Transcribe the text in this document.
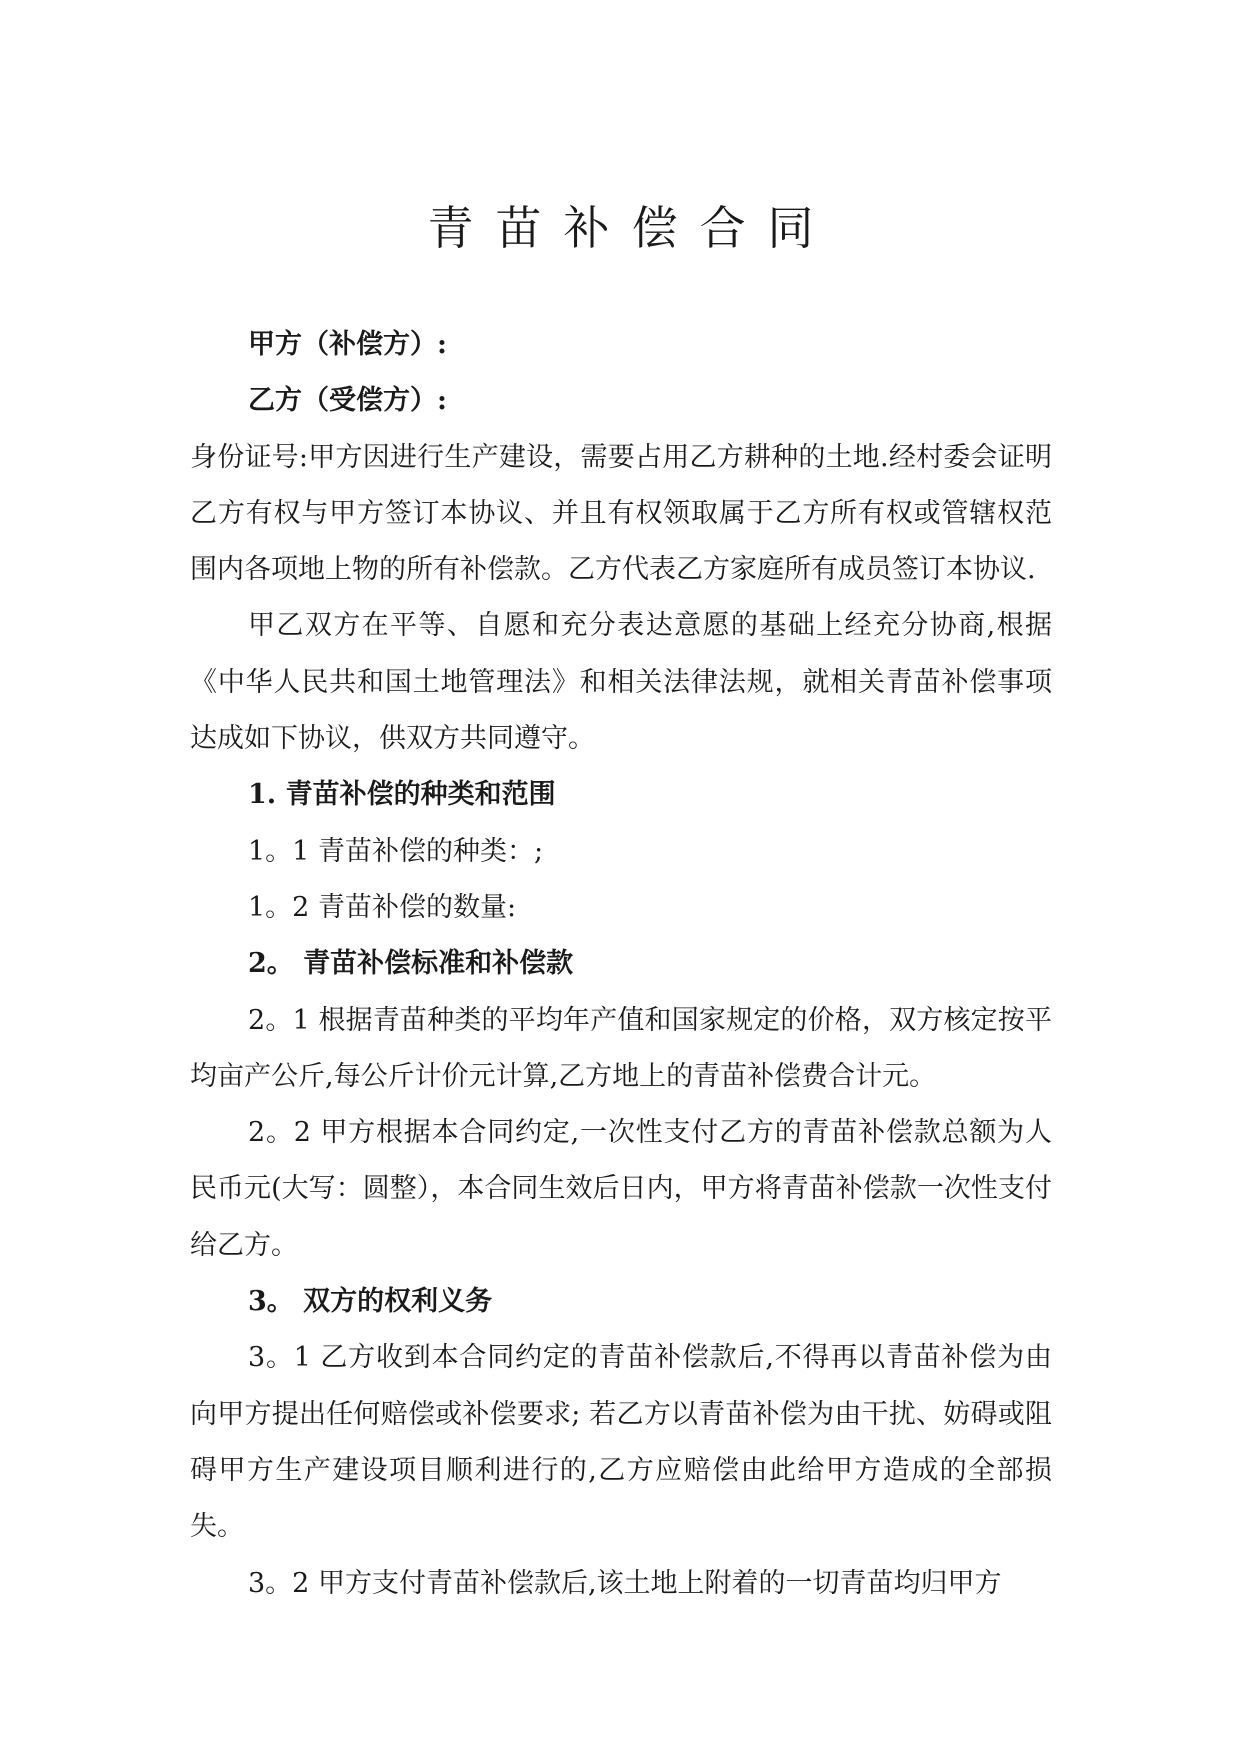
青苗补偿合同

甲方（补偿方）:

乙方（受偿方）:

身份证号:甲方因进行生产建设，需要占用乙方耕种的土地.经村委会证明乙方有权与甲方签订本协议、并且有权领取属于乙方所有权或管辖权范围内各项地上物的所有补偿款。乙方代表乙方家庭所有成员签订本协议.

甲乙双方在平等、自愿和充分表达意愿的基础上经充分协商,根据《中华人民共和国土地管理法》和相关法律法规，就相关青苗补偿事项达成如下协议，供双方共同遵守。

1. 青苗补偿的种类和范围

1。1 青苗补偿的种类：;

1。2 青苗补偿的数量:

2。 青苗补偿标准和补偿款

2。1 根据青苗种类的平均年产值和国家规定的价格，双方核定按平均亩产公斤,每公斤计价元计算,乙方地上的青苗补偿费合计元。

2。2 甲方根据本合同约定,一次性支付乙方的青苗补偿款总额为人民币元(大写：圆整），本合同生效后日内，甲方将青苗补偿款一次性支付给乙方。

3。 双方的权利义务

3。1 乙方收到本合同约定的青苗补偿款后,不得再以青苗补偿为由向甲方提出任何赔偿或补偿要求; 若乙方以青苗补偿为由干扰、妨碍或阻碍甲方生产建设项目顺利进行的,乙方应赔偿由此给甲方造成的全部损失。

3。2 甲方支付青苗补偿款后,该土地上附着的一切青苗均归甲方
